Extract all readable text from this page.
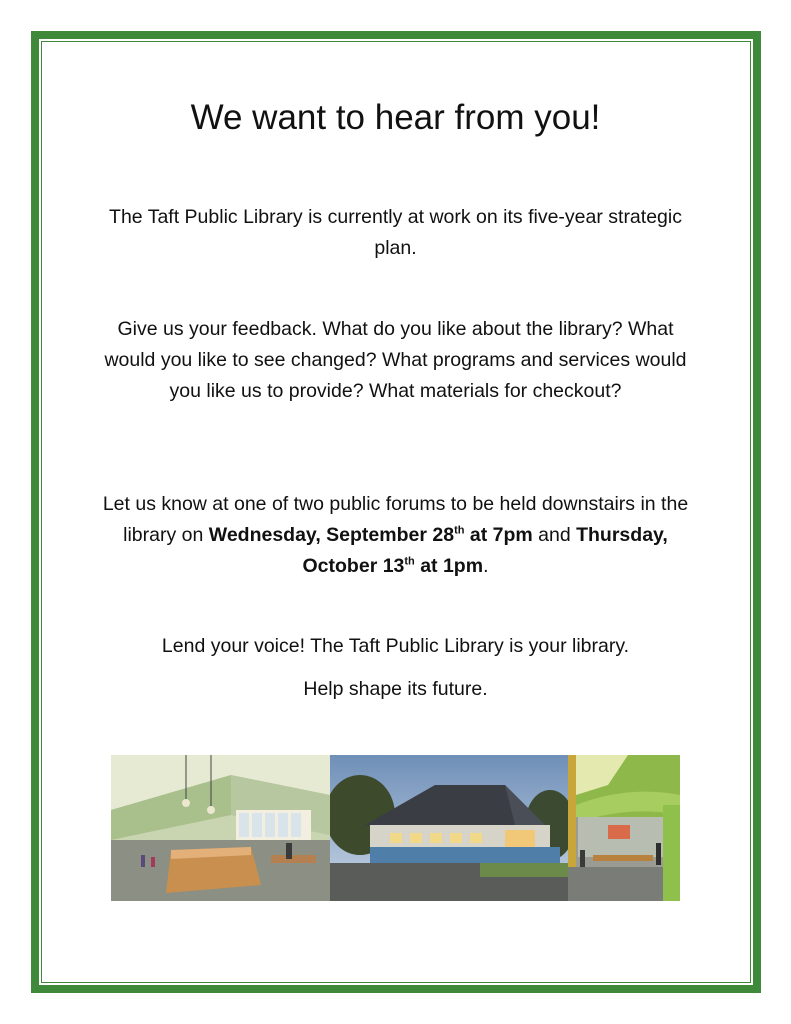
We want to hear from you!

The Taft Public Library is currently at work on its five-year strategic plan.

Give us your feedback. What do you like about the library? What would you like to see changed? What programs and services would you like us to provide? What materials for checkout?

Let us know at one of two public forums to be held downstairs in the library on Wednesday, September 28th at 7pm and Thursday, October 13th at 1pm.

Lend your voice! The Taft Public Library is your library.

Help shape its future.
